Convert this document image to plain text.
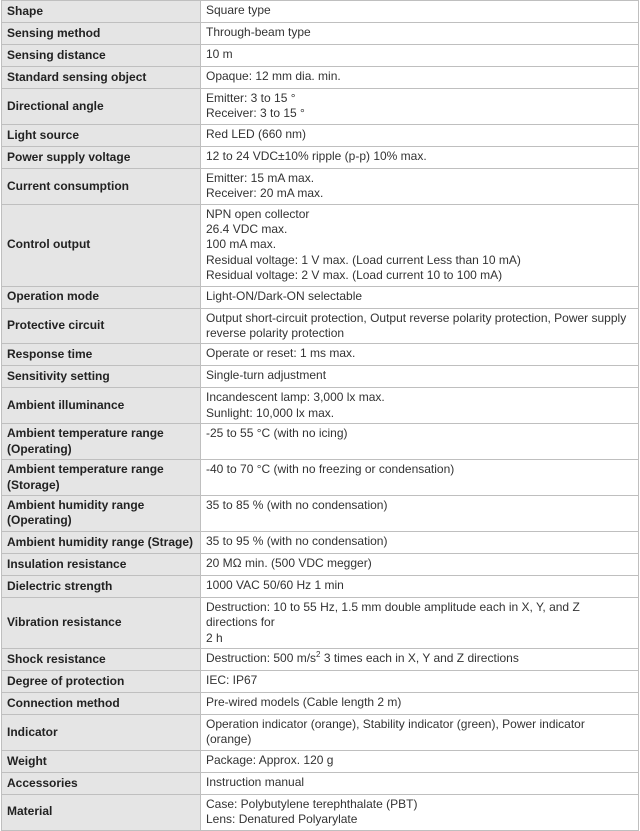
Shape	Square type

Sensing method	Through-beam type

Sensing distance	10 m

Standard sensing object	Opaque: 12 mm dia. min.

Directional angle	Emitter: 3 to 15 °
Receiver: 3 to 15 °

Light source	Red LED (660 nm)

Power supply voltage	12 to 24 VDC±10% ripple (p-p) 10% max.

Current consumption	Emitter: 15 mA max.
Receiver: 20 mA max.

Control output	NPN open collector
26.4 VDC max.
100 mA max.
Residual voltage: 1 V max. (Load current Less than 10 mA)
Residual voltage: 2 V max. (Load current 10 to 100 mA)

Operation mode	Light-ON/Dark-ON selectable

Protective circuit	Output short-circuit protection, Output reverse polarity protection, Power supply
reverse polarity protection

Response time	Operate or reset: 1 ms max.

Sensitivity setting	Single-turn adjustment

Ambient illuminance	Incandescent lamp: 3,000 lx max.
Sunlight: 10,000 lx max.

Ambient temperature range (Operating)	-25 to 55 °C (with no icing)

Ambient temperature range (Storage)	-40 to 70 °C (with no freezing or condensation)

Ambient humidity range (Operating)	35 to 85 % (with no condensation)

Ambient humidity range (Strage)	35 to 95 % (with no condensation)

Insulation resistance	20 MΩ min. (500 VDC megger)

Dielectric strength	1000 VAC 50/60 Hz 1 min

Vibration resistance	Destruction: 10 to 55 Hz, 1.5 mm double amplitude each in X, Y, and Z directions for
2 h

Shock resistance	Destruction: 500 $m/s^2$ 3 times each in X, Y and Z directions
Degree of protection	IEC: IP67

Connection method	Pre-wired models (Cable length 2 m)

Indicator	Operation indicator (orange), Stability indicator (green), Power indicator (orange)

Weight	Package: Approx. 120 g

Accessories	Instruction manual

Material	Case: Polybutylene terephthalate (PBT)
Lens: Denatured Polyarylate
